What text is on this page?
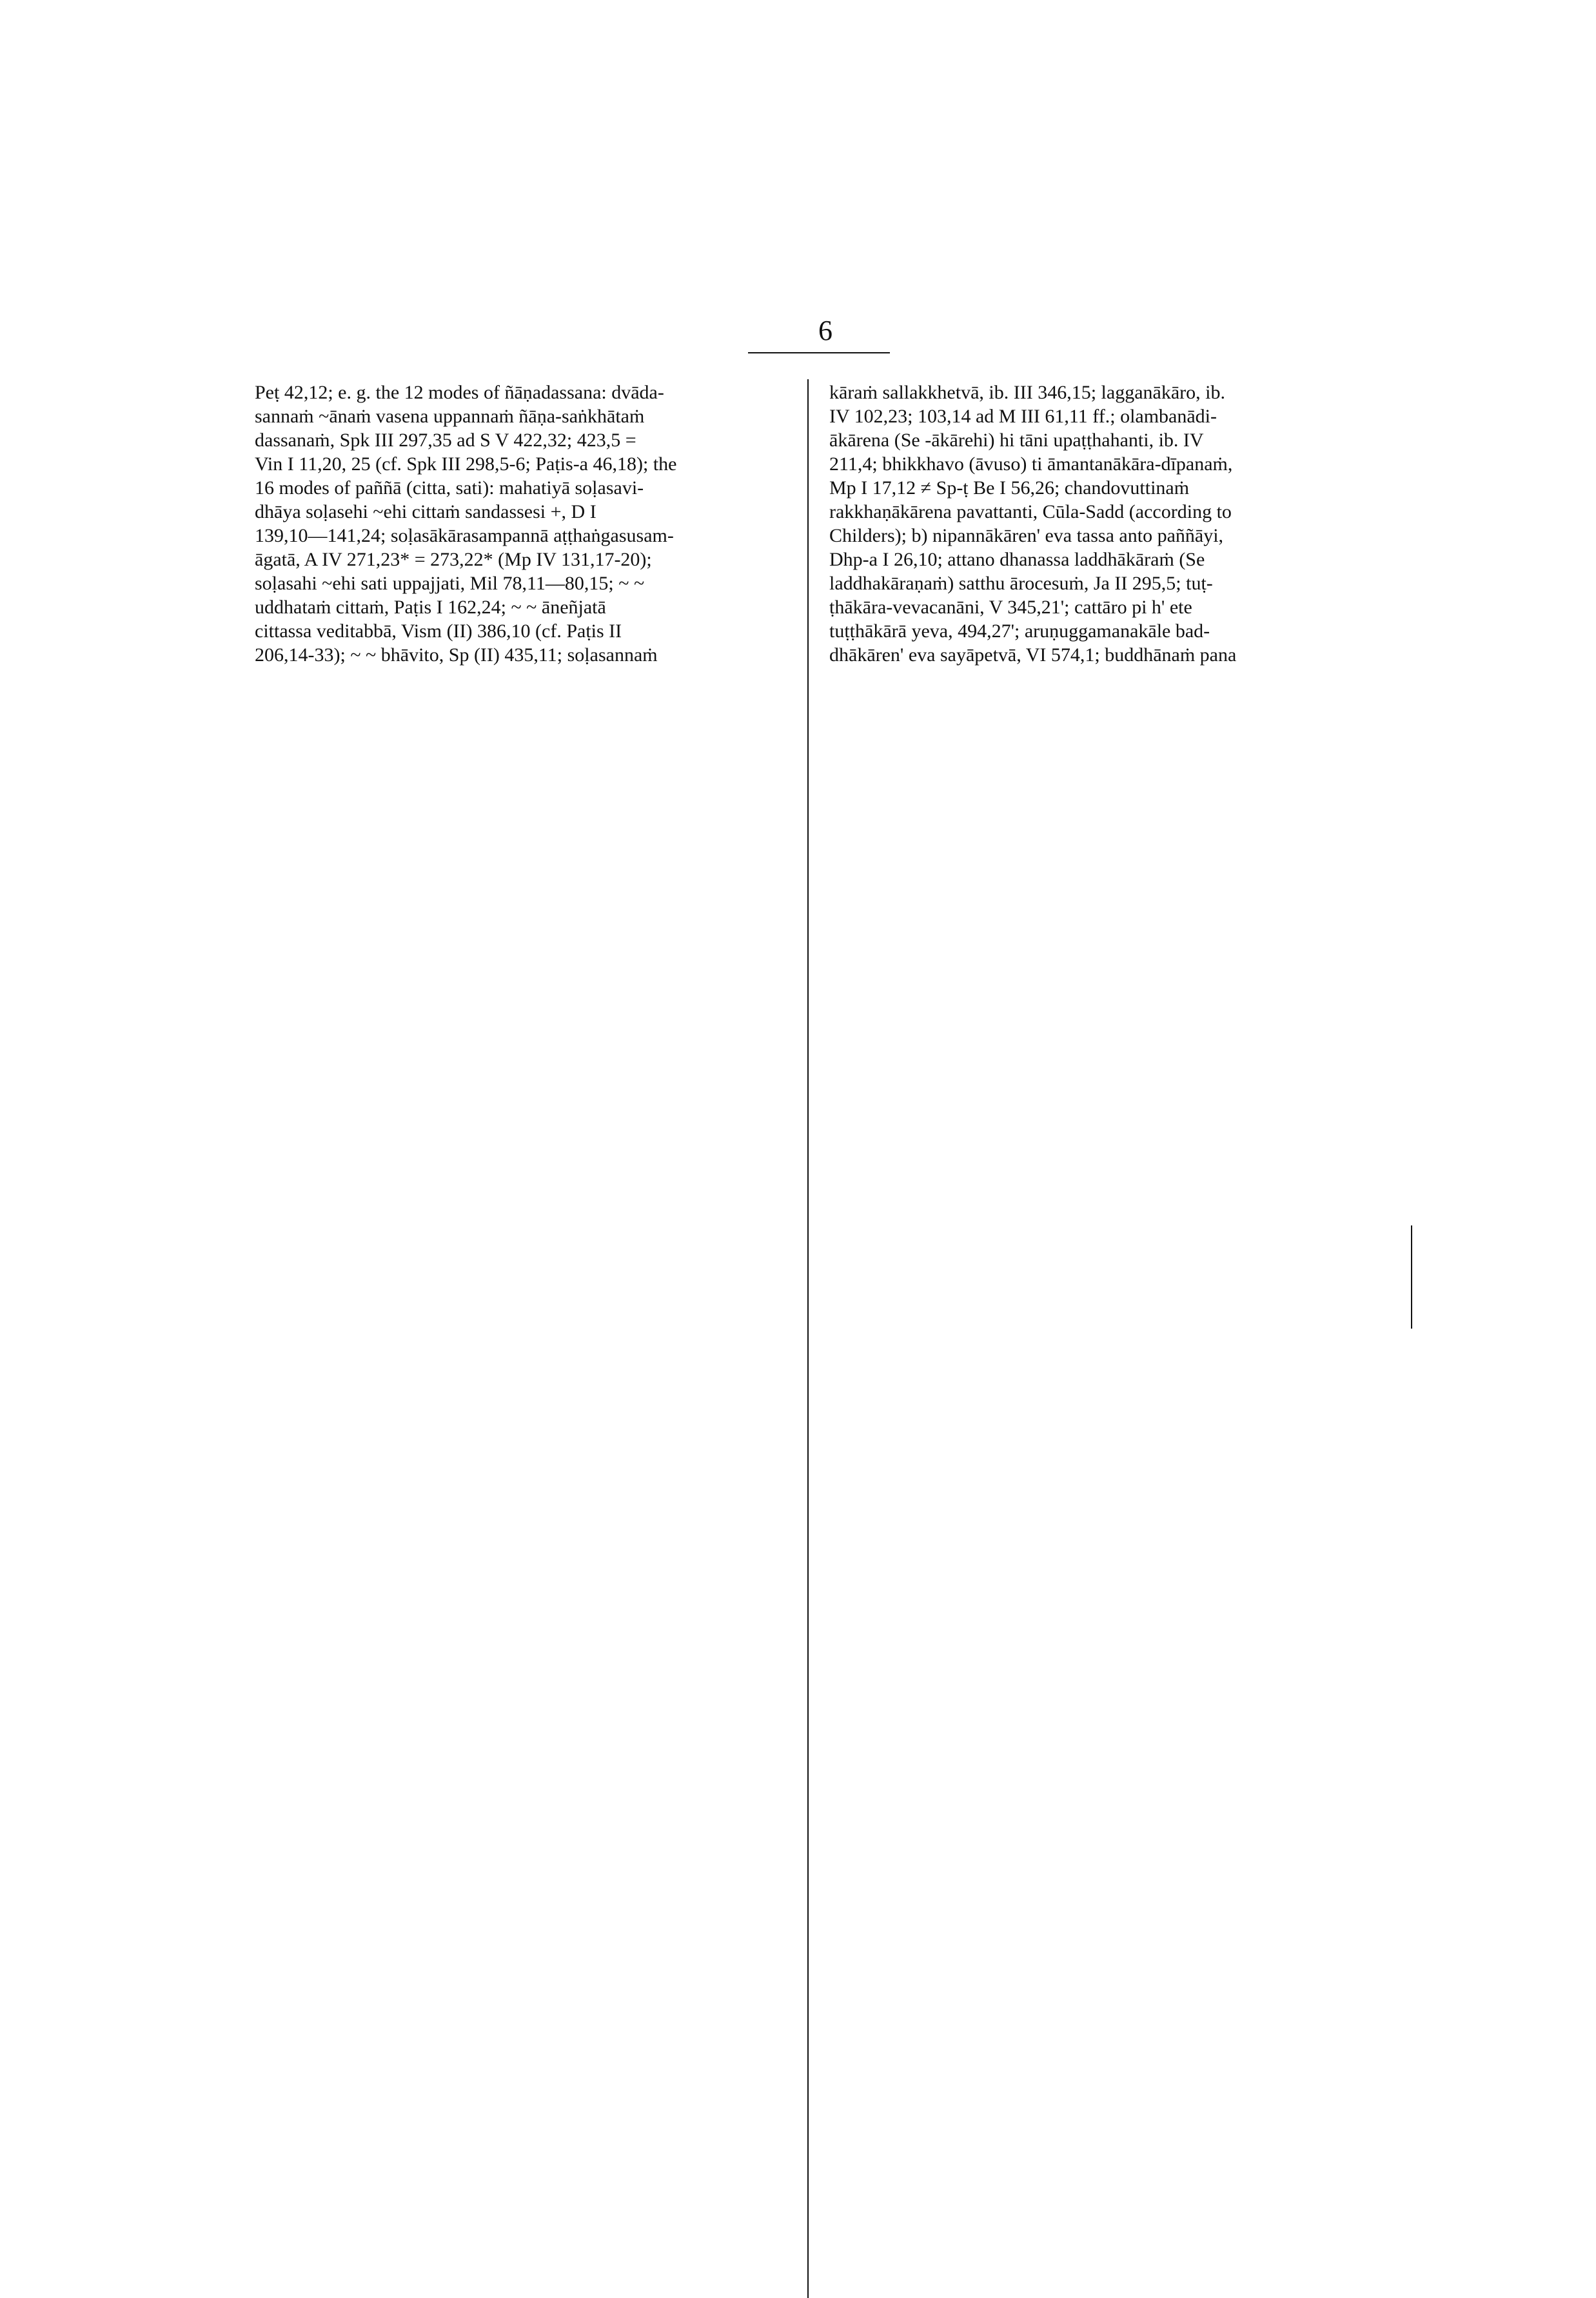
6
Peṭ 42,12; e. g. the 12 modes of ñāṇadassana: dvāda-
sannaṁ ~ānaṁ vasena uppannaṁ ñāṇa-saṅkhātaṁ
dassanaṁ, Spk III 297,35 ad S V 422,32; 423,5 =
Vin I 11,20, 25 (cf. Spk III 298,5-6; Paṭis-a 46,18); the
16 modes of paññā (citta, sati): mahatiyā soḷasavi-
dhāya soḷasehi ~ehi cittaṁ sandassesi +, D I
139,10—141,24; soḷasākārasampannā aṭṭhaṅgasusam-
āgatā, A IV 271,23* = 273,22* (Mp IV 131,17-20);
soḷasahi ~ehi sati uppajjati, Mil 78,11—80,15; ~ ~
uddhataṁ cittaṁ, Paṭis I 162,24; ~ ~ āneñjatā
cittassa veditabbā, Vism (II) 386,10 (cf. Paṭis II
206,14-33); ~ ~ bhāvito, Sp (II) 435,11; soḷasannaṁ
kāraṁ sallakkhetvā, ib. III 346,15; lagganākāro, ib.
IV 102,23; 103,14 ad M III 61,11 ff.; olambanādi-
ākārena (Se -ākārehi) hi tāni upaṭṭhahanti, ib. IV
211,4; bhikkhavo (āvuso) ti āmantanākāra-dīpanaṁ,
Mp I 17,12 ≠ Sp-ṭ Be I 56,26; chandovuttinaṁ
rakkhaṇākārena pavattanti, Cūla-Sadd (according to
Childers); b) nipannākāren' eva tassa anto paññāyi,
Dhp-a I 26,10; attano dhanassa laddhākāraṁ (Se
laddhakāraṇaṁ) satthu ārocesuṁ, Ja II 295,5; tuṭ-
ṭhākāra-vevacanāni, V 345,21'; cattāro pi h' ete
tuṭṭhākārā yeva, 494,27'; aruṇuggamanakāle bad-
dhākāren' eva sayāpetvā, VI 574,1; buddhānaṁ pana
